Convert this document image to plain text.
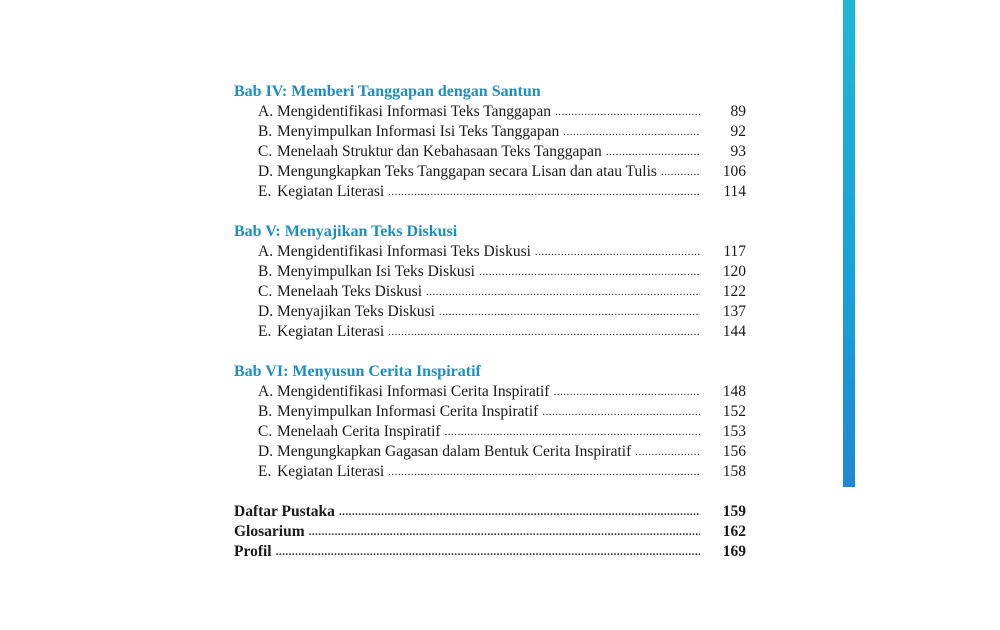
Bab IV: Memberi Tanggapan dengan Santun
A. Mengidentifikasi Informasi Teks Tanggapan .....	89
B. Menyimpulkan Informasi Isi Teks Tanggapan .....	92
C. Menelaah Struktur dan Kebahasaan Teks Tanggapan .....	93
D. Mengungkapkan Teks Tanggapan secara Lisan dan atau Tulis .....	106
E. Kegiatan Literasi .....	114
Bab V: Menyajikan Teks Diskusi
A. Mengidentifikasi Informasi Teks Diskusi .....	117
B. Menyimpulkan Isi Teks Diskusi .....	120
C. Menelaah Teks Diskusi .....	122
D. Menyajikan Teks Diskusi .....	137
E. Kegiatan Literasi .....	144
Bab VI: Menyusun Cerita Inspiratif
A. Mengidentifikasi Informasi Cerita Inspiratif .....	148
B. Menyimpulkan Informasi Cerita Inspiratif .....	152
C. Menelaah Cerita Inspiratif .....	153
D. Mengungkapkan Gagasan dalam Bentuk Cerita Inspiratif .....	156
E. Kegiatan Literasi .....	158
Daftar Pustaka .....	159
Glosarium .....	162
Profil .....	169
